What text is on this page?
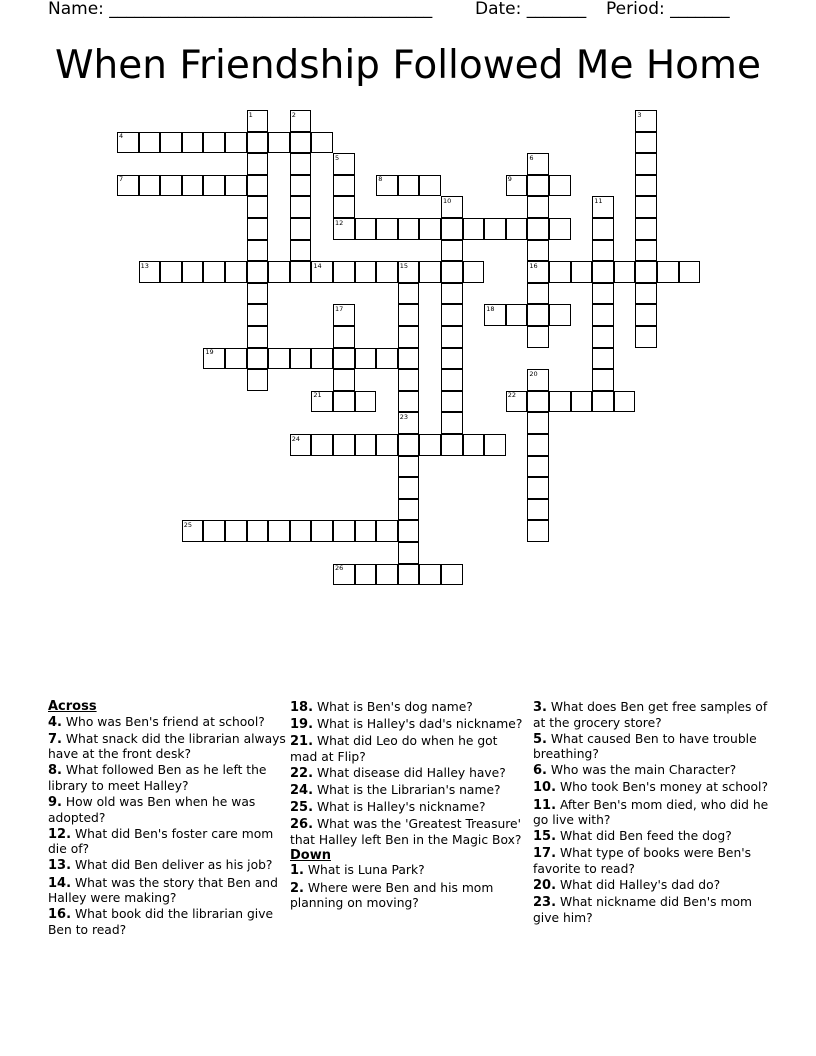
Name: ______________________________________	Date: _______ Period: _______
When Friendship Followed Me Home
1	2	3
4
5	6
7	8	9
10	11
12
13	14	15	16
17	18
19
20
21	22
23
24
25
26
Across
4. Who was Ben's friend at school?
7. What snack did the librarian always have at the front desk?
8. What followed Ben as he left the library to meet Halley?
9. How old was Ben when he was adopted?
12. What did Ben's foster care mom die of?
13. What did Ben deliver as his job?
14. What was the story that Ben and Halley were making?
16. What book did the librarian give Ben to read?
18. What is Ben's dog name?
19. What is Halley's dad's nickname?
21. What did Leo do when he got mad at Flip?
22. What disease did Halley have?
24. What is the Librarian's name?
25. What is Halley's nickname?
26. What was the 'Greatest Treasure' that Halley left Ben in the Magic Box?
Down
1. What is Luna Park?
2. Where were Ben and his mom planning on moving?
3. What does Ben get free samples of at the grocery store?
5. What caused Ben to have trouble breathing?
6. Who was the main Character?
10. Who took Ben's money at school?
11. After Ben's mom died, who did he go live with?
15. What did Ben feed the dog?
17. What type of books were Ben's favorite to read?
20. What did Halley's dad do?
23. What nickname did Ben's mom give him?
